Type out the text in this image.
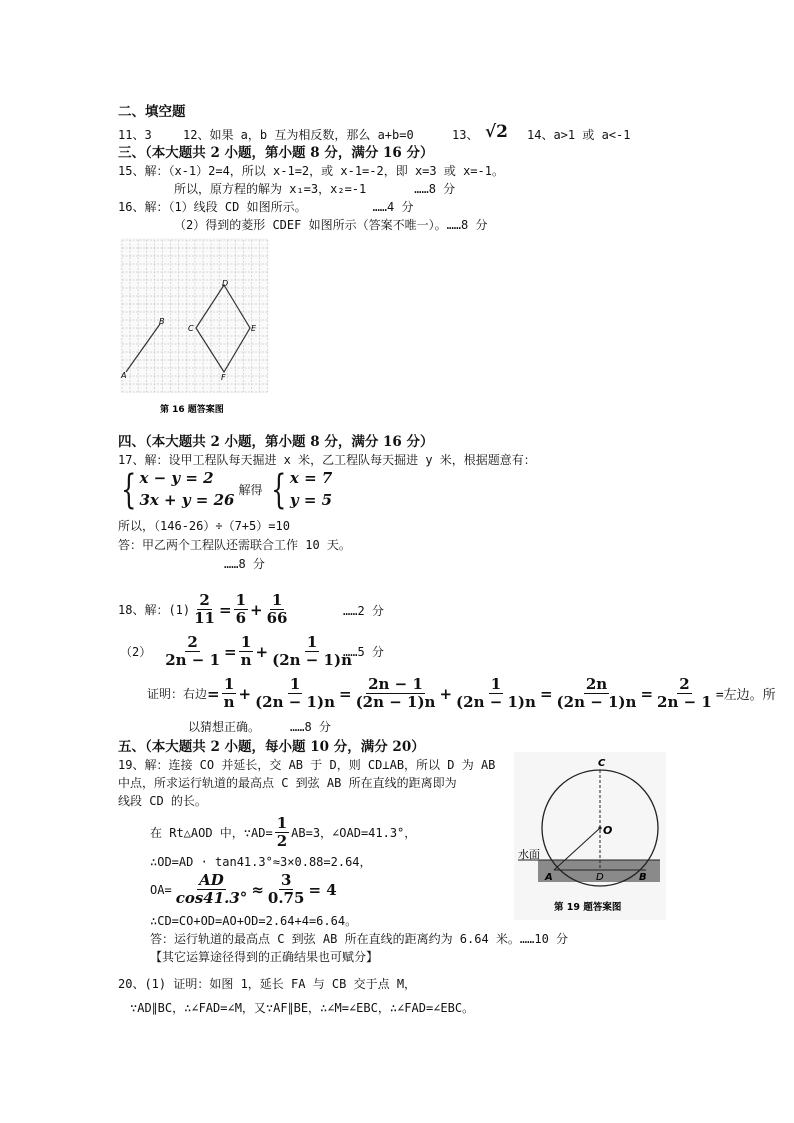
二、填空题
11、3	12、如果 a，b 互为相反数，那么 a+b=0	13、 √2 14、a>1 或 a<-1
三、（本大题共 2 小题，第小题 8 分，满分 16 分）
15、解：（x-1）2=4，所以 x-1=2，或 x-1=-2，即 x=3 或 x=-1。
所以，原方程的解为 x₁=3，x₂=-1　　　　……8 分
16、解：（1）线段 CD 如图所示。　　　　　　……4 分
（2）得到的菱形 CDEF 如图所示（答案不唯一）。……8 分
A
B
C
D
E
F
第 16 题答案图
四、（本大题共 2 小题，第小题 8 分，满分 16 分）
17、解：设甲工程队每天掘进 x 米，乙工程队每天掘进 y 米，根据题意有：
{ x − y = 2
3x + y = 26
解得 { x = 7
y = 5
所以，（146-26）÷（7+5）=10
答：甲乙两个工程队还需联合工作 10 天。
……8 分
18、解：$(1) \frac{2}{11} = \frac{1}{6} + \frac{1}{66}$	……2 分
$(2) \frac{2}{2n - 1} = \frac{1}{n} + \frac{1}{(2n - 1)n}$
……5 分
证明：右边 = $\frac{1}{n} + \frac{1}{(2n - 1)n} = \frac{2n - 1}{(2n - 1)n} + \frac{1}{(2n - 1)n} = \frac{2n}{(2n - 1)n} = \frac{2}{2n - 1}$ =左边。所
以猜想正确。　　　……8 分
五、（本大题共 2 小题，每小题 10 分，满分 20）
19、解：连接 CO 并延长，交 AB 于 D，则 CD⊥AB，所以 D 为 AB
中点，所求运行轨道的最高点 C 到弦 AB 所在直线的距离即为
线段 CD 的长。
在 Rt△AOD 中，∵AD= $\frac{1}{2} AB=3$，∠OAD=41.3°，
∴OD=AD · tan41.3°≈3×0.88=2.64，
$OA= \frac{AD}{\cos 41.3^\circ} \approx \frac{3}{0.75} = 4$
∴CD=CO+OD=AO+OD=2.64+4=6.64。
答：运行轨道的最高点 C 到弦 AB 所在直线的距离约为 6.64 米。……10 分
【其它运算途径得到的正确结果也可赋分】
C
O
A	D	B
水面
第 19 题答案图
20、(1) 证明：如图 1，延长 FA 与 CB 交于点 M，
∵AD∥BC，∴∠FAD=∠M，又∵AF∥BE，∴∠M=∠EBC，∴∠FAD=∠EBC。
